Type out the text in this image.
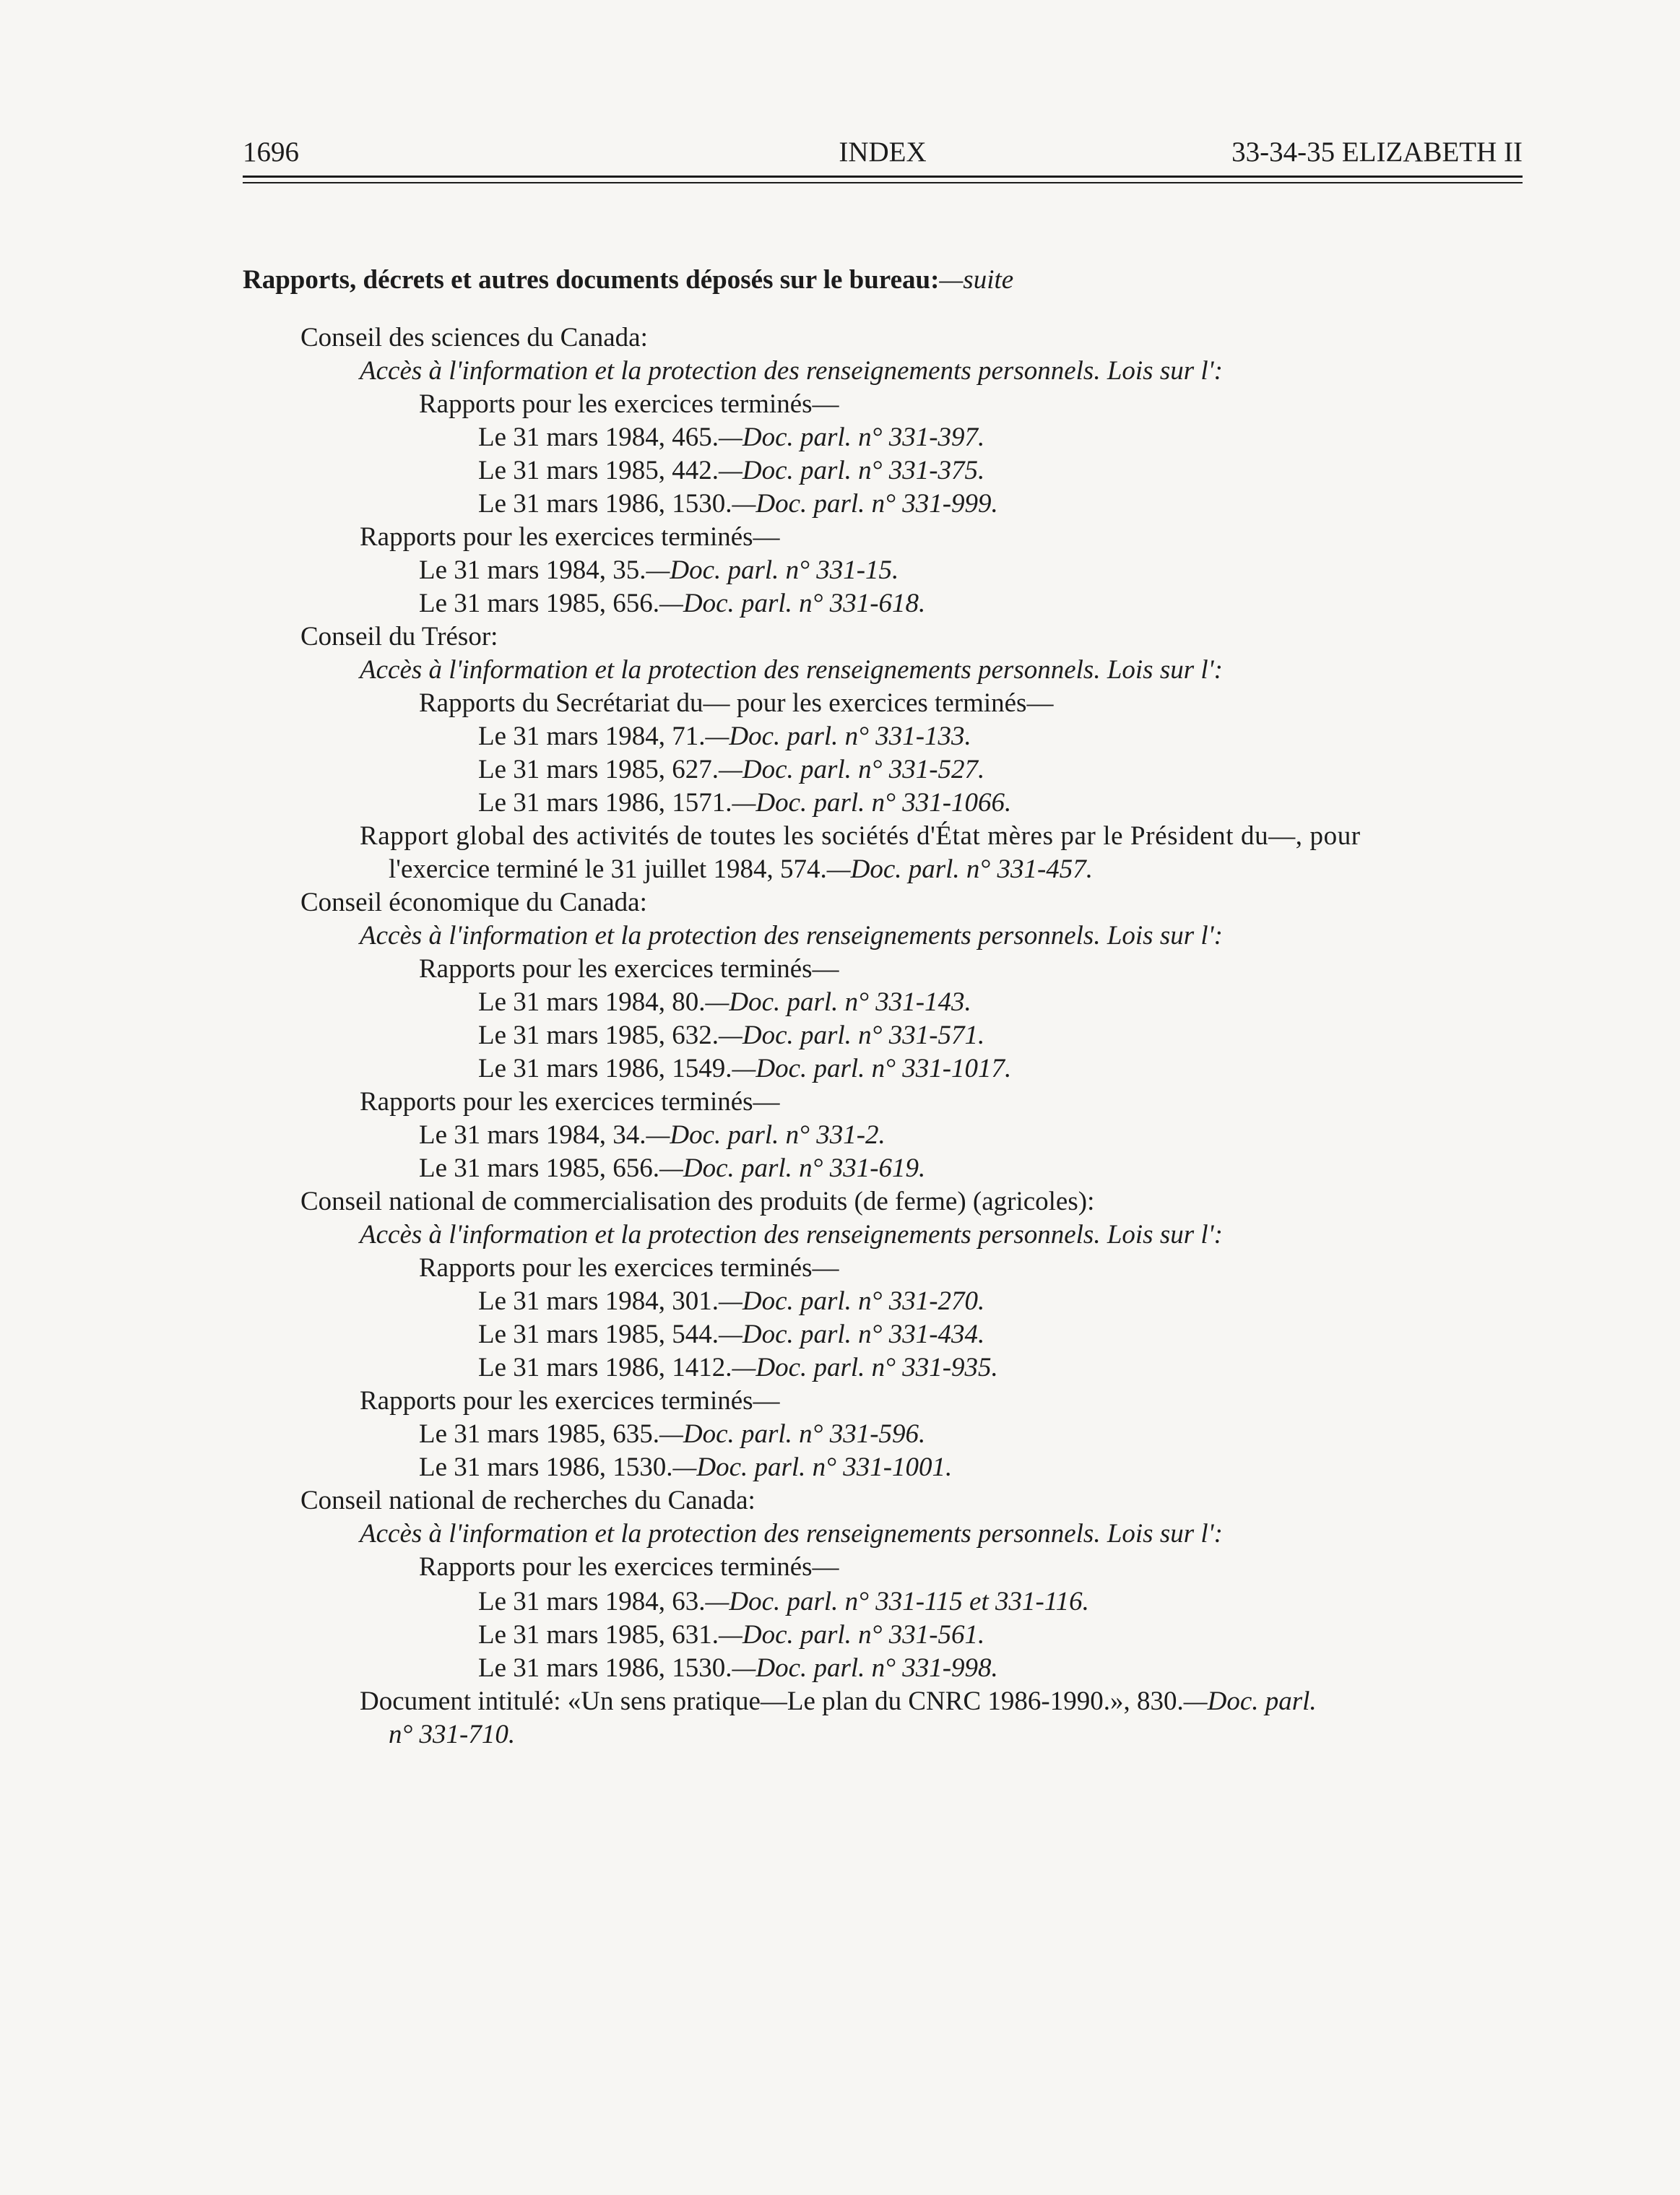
1696	INDEX	33-34-35 ELIZABETH II
Rapports, décrets et autres documents déposés sur le bureau:—suite
Conseil des sciences du Canada:
Accès à l'information et la protection des renseignements personnels. Lois sur l':
Rapports pour les exercices terminés—
Le 31 mars 1984, 465.—Doc. parl. n° 331-397.
Le 31 mars 1985, 442.—Doc. parl. n° 331-375.
Le 31 mars 1986, 1530.—Doc. parl. n° 331-999.
Rapports pour les exercices terminés—
Le 31 mars 1984, 35.—Doc. parl. n° 331-15.
Le 31 mars 1985, 656.—Doc. parl. n° 331-618.
Conseil du Trésor:
Accès à l'information et la protection des renseignements personnels. Lois sur l':
Rapports du Secrétariat du— pour les exercices terminés—
Le 31 mars 1984, 71.—Doc. parl. n° 331-133.
Le 31 mars 1985, 627.—Doc. parl. n° 331-527.
Le 31 mars 1986, 1571.—Doc. parl. n° 331-1066.
Rapport global des activités de toutes les sociétés d'État mères par le Président du—, pour
l'exercice terminé le 31 juillet 1984, 574.—Doc. parl. n° 331-457.
Conseil économique du Canada:
Accès à l'information et la protection des renseignements personnels. Lois sur l':
Rapports pour les exercices terminés—
Le 31 mars 1984, 80.—Doc. parl. n° 331-143.
Le 31 mars 1985, 632.—Doc. parl. n° 331-571.
Le 31 mars 1986, 1549.—Doc. parl. n° 331-1017.
Rapports pour les exercices terminés—
Le 31 mars 1984, 34.—Doc. parl. n° 331-2.
Le 31 mars 1985, 656.—Doc. parl. n° 331-619.
Conseil national de commercialisation des produits (de ferme) (agricoles):
Accès à l'information et la protection des renseignements personnels. Lois sur l':
Rapports pour les exercices terminés—
Le 31 mars 1984, 301.—Doc. parl. n° 331-270.
Le 31 mars 1985, 544.—Doc. parl. n° 331-434.
Le 31 mars 1986, 1412.—Doc. parl. n° 331-935.
Rapports pour les exercices terminés—
Le 31 mars 1985, 635.—Doc. parl. n° 331-596.
Le 31 mars 1986, 1530.—Doc. parl. n° 331-1001.
Conseil national de recherches du Canada:
Accès à l'information et la protection des renseignements personnels. Lois sur l':
Rapports pour les exercices terminés—
Le 31 mars 1984, 63.—Doc. parl. n° 331-115 et 331-116.
Le 31 mars 1985, 631.—Doc. parl. n° 331-561.
Le 31 mars 1986, 1530.—Doc. parl. n° 331-998.
Document intitulé: «Un sens pratique—Le plan du CNRC 1986-1990.», 830.—Doc. parl.
n° 331-710.
